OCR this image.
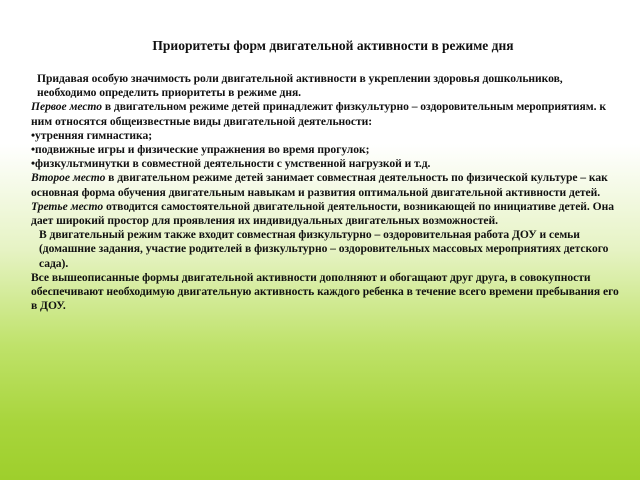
Приоритеты форм двигательной активности в режиме дня

Придавая особую значимость роли двигательной активности в укреплении здоровья дошкольников, необходимо определить приоритеты в режиме дня.

Первое место в двигательном режиме детей принадлежит физкультурно – оздоровительным мероприятиям. к ним относятся общеизвестные виды двигательной деятельности:

•утренняя гимнастика;

•подвижные игры и физические упражнения во время прогулок;

•физкультминутки в совместной деятельности с умственной нагрузкой и т.д.

Второе место в двигательном режиме детей занимает совместная деятельность по физической культуре – как основная форма обучения двигательным навыкам и развития оптимальной двигательной активности детей.

Третье место отводится самостоятельной двигательной деятельности, возникающей по инициативе детей. Она дает широкий простор для проявления их индивидуальных двигательных возможностей.

В двигательный режим также входит совместная физкультурно – оздоровительная работа ДОУ и семьи (домашние задания, участие родителей в физкультурно – оздоровительных массовых мероприятиях детского сада).

Все вышеописанные формы двигательной активности дополняют и обогащают друг друга, в совокупности обеспечивают необходимую двигательную активность каждого ребенка в течение всего времени пребывания его в ДОУ.
